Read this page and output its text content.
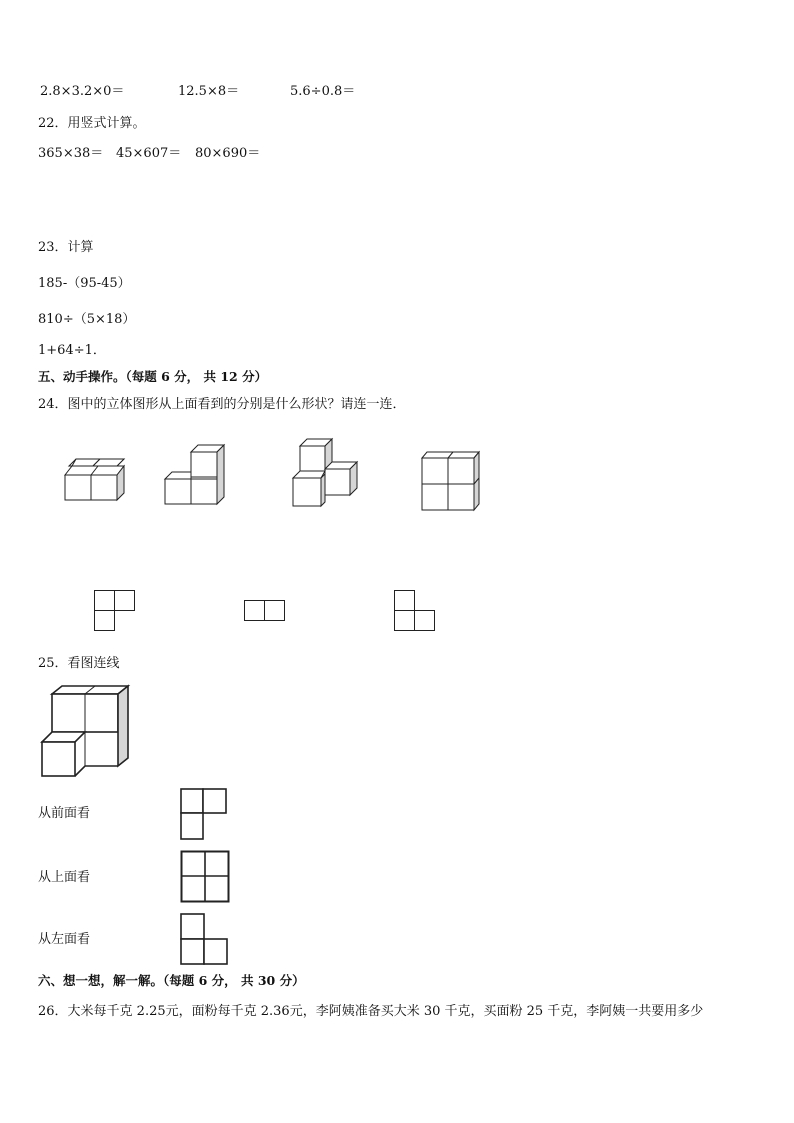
2.8×3.2×0＝	12.5×8＝	5.6÷0.8＝
22．用竖式计算。
365×38＝ 45×607＝ 80×690＝
23．计算
185-（95-45）
810÷（5×18）
1+64÷1．
五、动手操作。（每题 6 分， 共 12 分）
24．图中的立体图形从上面看到的分别是什么形状？请连一连．
25．看图连线
从前面看
从上面看
从左面看
六、想一想，解一解。（每题 6 分， 共 30 分）
26．大米每千克 2.25元，面粉每千克 2.36元，李阿姨准备买大米 30 千克，买面粉 25 千克，李阿姨一共要用多少
